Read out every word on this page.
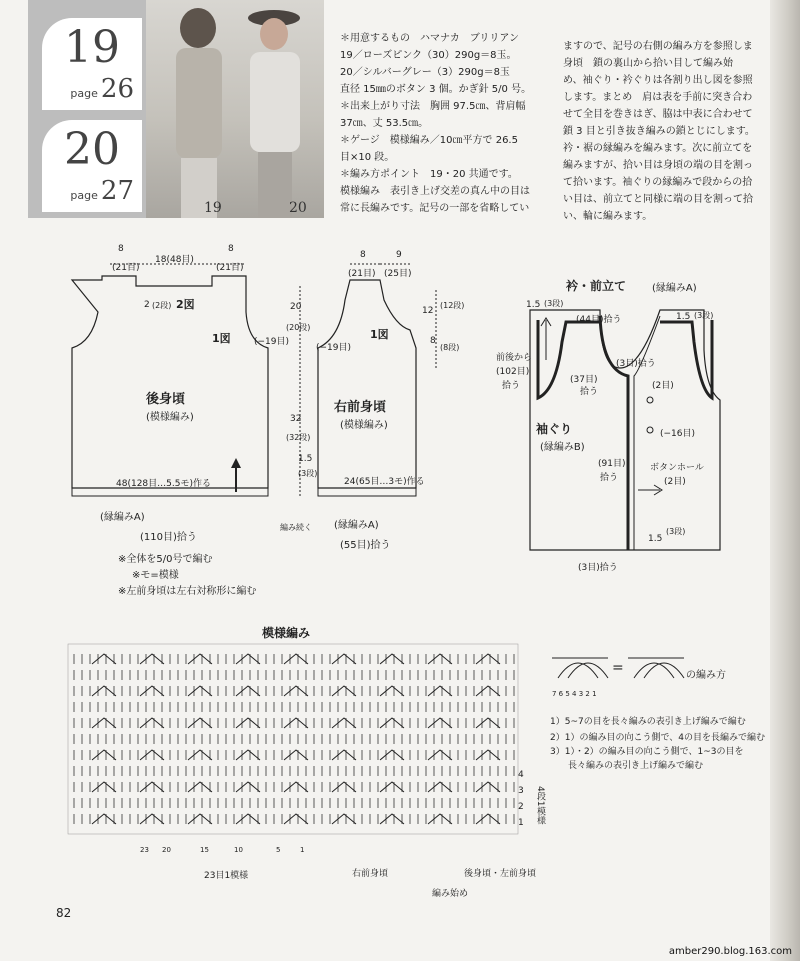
19
page 26
20
page 27
19	20

＊用意するもの　ハマナカ　ブリリアン

19／ローズピンク（30）290g＝8玉。

20／シルバーグレー（3）290g＝8玉

直径 15㎜のボタン 3 個。かぎ針 5/0 号。

＊出来上がり寸法　胸囲 97.5㎝、背肩幅

37㎝、丈 53.5㎝。

＊ゲージ　模様編み／10㎝平方で 26.5

目×10 段。

＊編み方ポイント　19・20 共通です。

模様編み　表引き上げ交差の真ん中の目は

常に長編みです。記号の一部を省略してい

ますので、記号の右側の編み方を参照しま

身頃　鎖の裏山から拾い目して編み始

め、袖ぐり・衿ぐりは各割り出し図を参照

します。まとめ　肩は表を手前に突き合わ

せて全目を巻きはぎ、脇は中表に合わせて

鎖 3 目と引き抜き編みの鎖とじにします。

衿・裾の縁編みを編みます。次に前立てを

編みますが、拾い目は身頃の端の目を割っ

て拾います。袖ぐりの縁編みで段からの拾

い目は、前立てと同様に端の目を割って拾

い、輪に編みます。

8
(21目)
18(48目)
8
(21目)
2 (2段) 2図
1図	(−19目)
後身頃
(模様編み)
48(128目…5.5モ)作る
(縁編みA)
(110目)拾う
20
(20段)
32
(32段)
1.5
(3段)
8	9
(21目) (25目)
1図
(−19目)
右前身頃
(模様編み)
24(65目…3モ)作る
(縁編みA)
(55目)拾う
編み続く
12
(12段)
8
(8段)
※全体を5/0号で編む
※モ=模様
※左前身頃は左右対称形に編む
衿・前立て	(縁編みA)
1.5 (3段)
(44目)拾う	1.5 (3段)
前後から
(102目)
拾う
(3目)拾う
(37目)
拾う
(2目)
(−16目)
袖ぐり
(縁編みB)
(91目)
拾う
ボタンホール
(2目)
1.5
(3段)
(3目)拾う
模様編み
23 20	15	10	5	1
23目1模様	右前身頃	後身頃・左前身頃
編み始め
4
3
2
1 4段1模様
7 6 5 4 3 2 1
=	の編み方
1）5~7の目を長々編みの表引き上げ編みで編む
2）1）の編み目の向こう側で、4の目を長編みで編む
3）1）・2）の編み目の向こう側で、1~3の目を
　　長々編みの表引き上げ編みで編む
82
amber290.blog.163.com
